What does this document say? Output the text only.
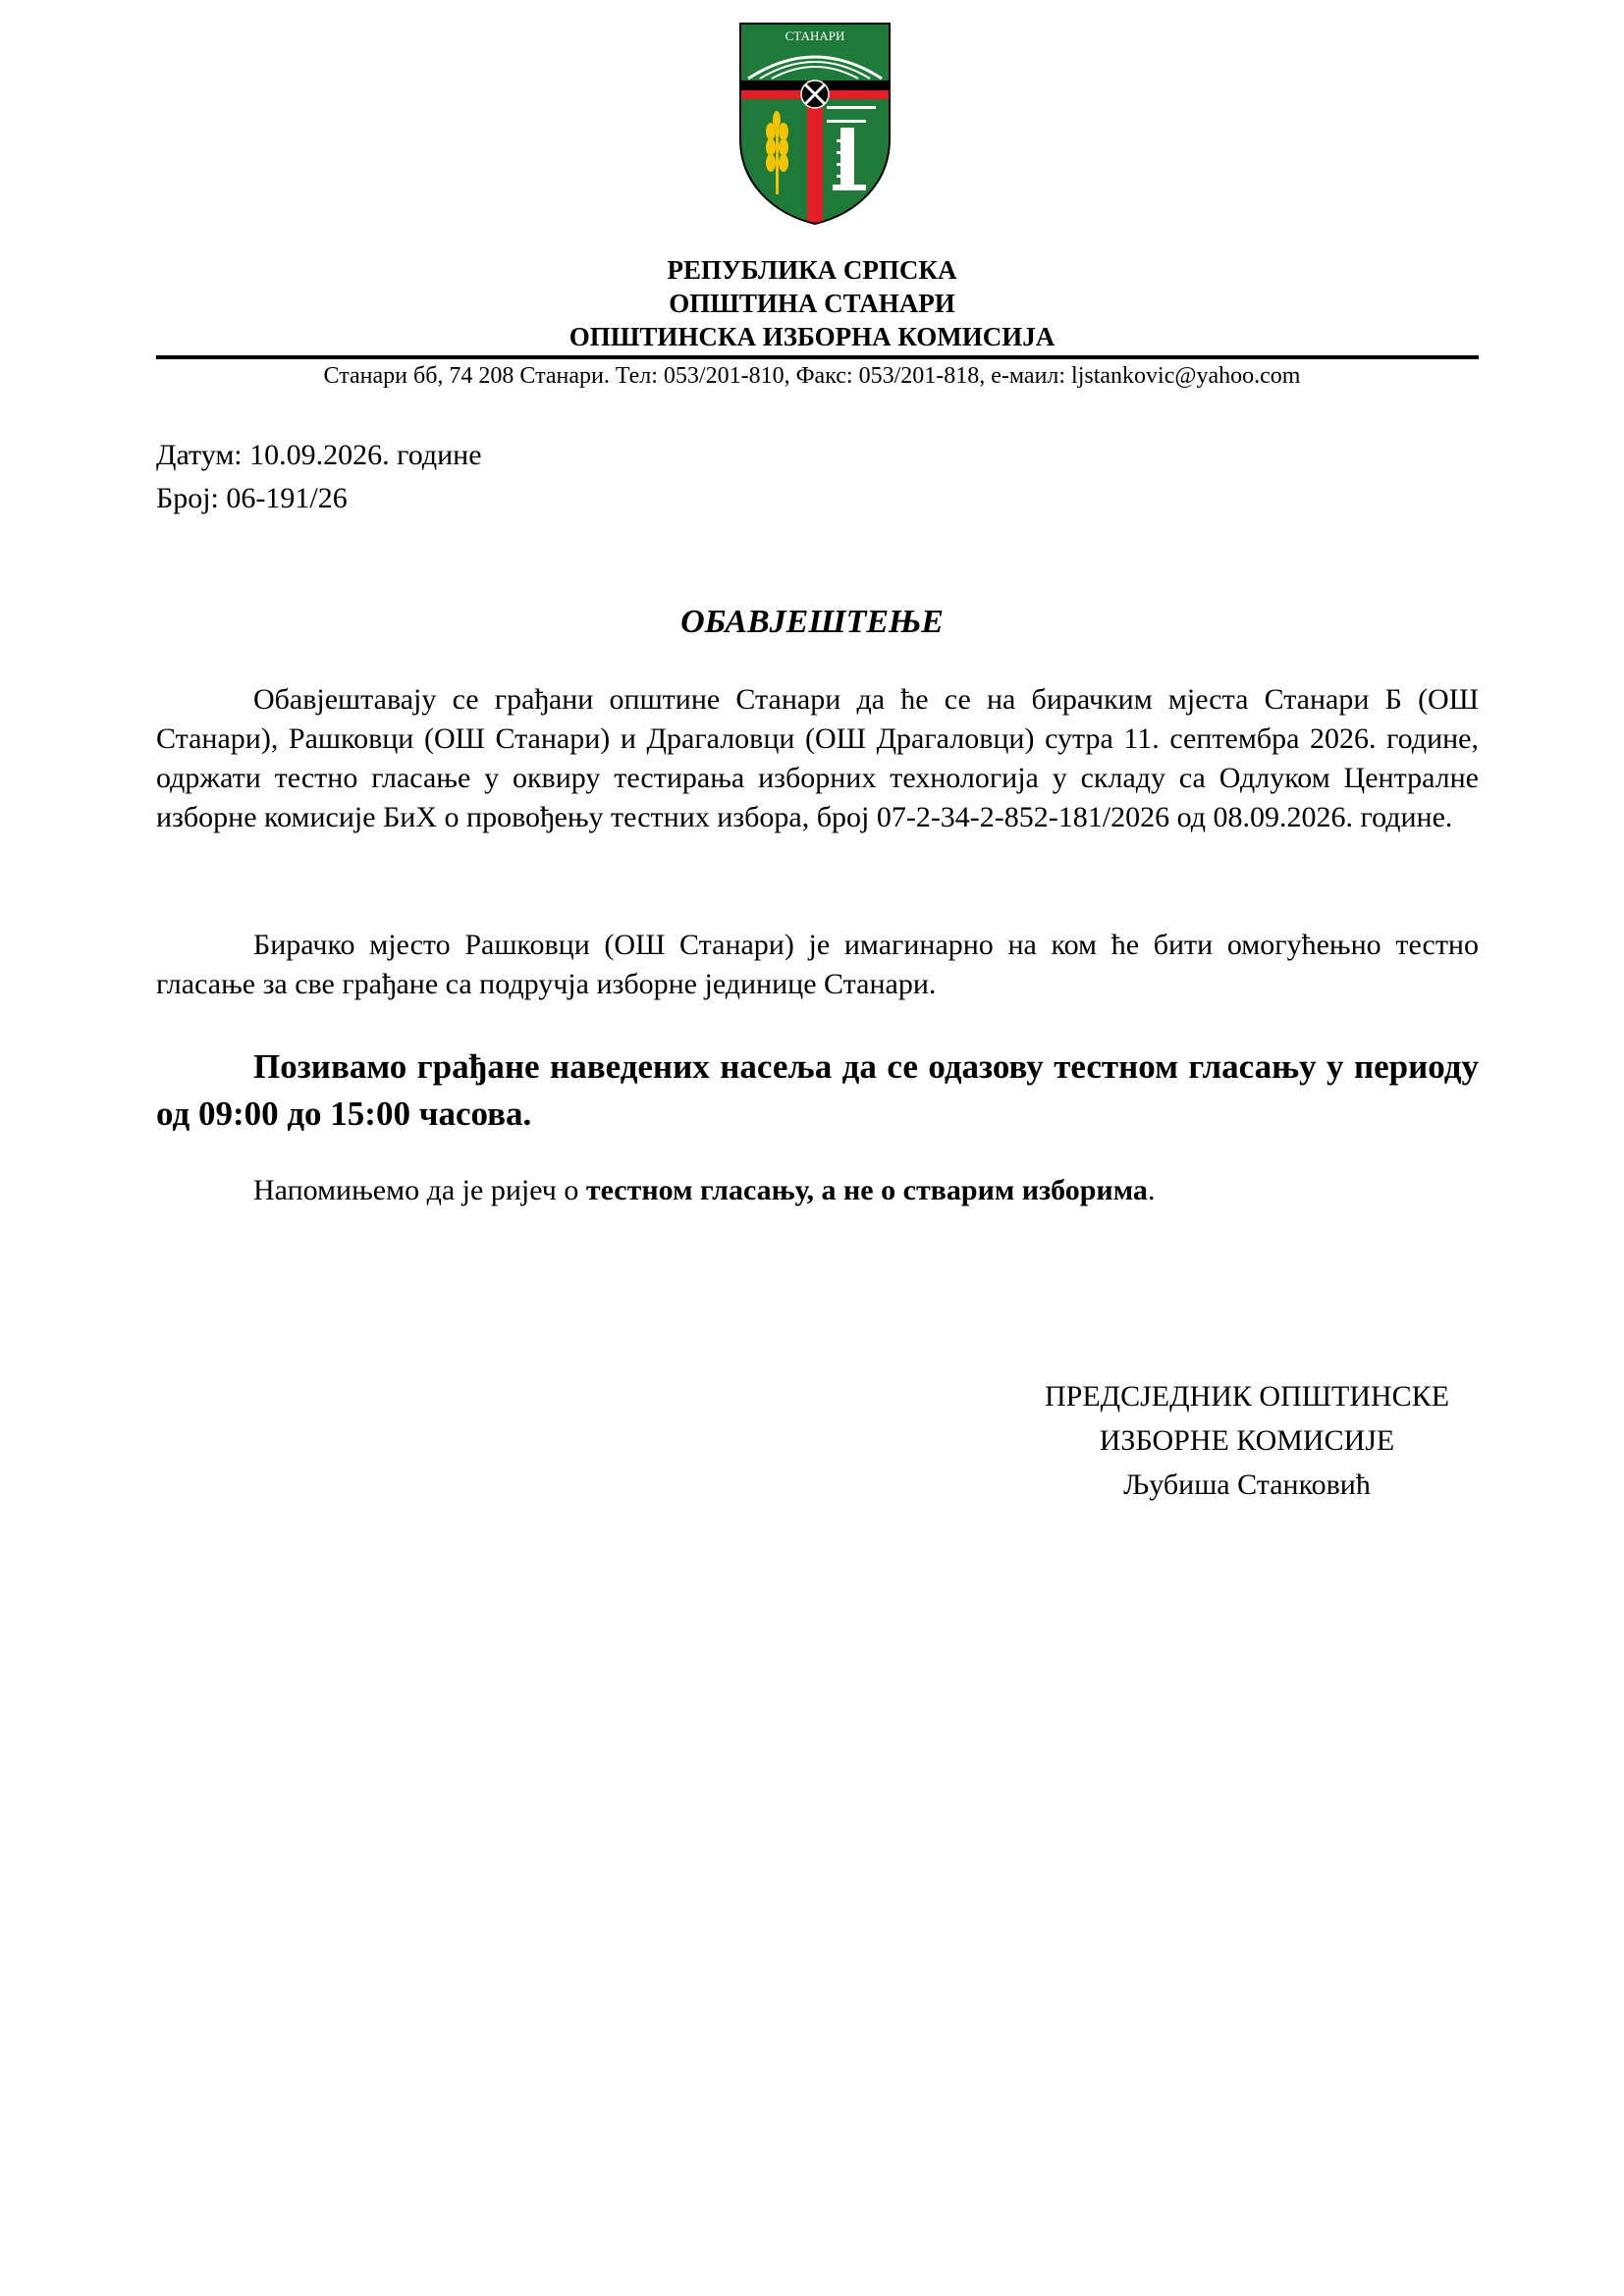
СТАНАРИ
РЕПУБЛИКА СРПСКА
ОПШТИНА СТАНАРИ
ОПШТИНСКА ИЗБОРНА КОМИСИЈА
Станари бб, 74 208 Станари. Тел: 053/201-810, Факс: 053/201-818, е-маил: ljstankovic@yahoo.com
Датум: 10.09.2026. године
Број: 06-191/26
ОБАВЈЕШТЕЊЕ

Обавјештавају се грађани општине Станари да ће се на бирачким мјеста Станари Б (ОШ Станари), Рашковци (ОШ Станари) и Драгаловци (ОШ Драгаловци) сутра 11. септембра 2026. године, одржати тестно гласање у оквиру тестирања изборних технологија у складу са Одлуком Централне изборне комисије БиХ о провођењу тестних избора, број 07-2-34-2-852-181/2026 од 08.09.2026. године.

Бирачко мјесто Рашковци (ОШ Станари) је имагинарно на ком ће бити омогућењно тестно гласање за све грађане са подручја изборне јединице Станари.

Позивамо грађане наведених насеља да се одазову тестном гласању у периоду од 09:00 до 15:00 часова.

Напомињемо да је ријеч о тестном гласању, а не о стварим изборима.

ПРЕДСЈЕДНИК ОПШТИНСКЕ
ИЗБОРНЕ КОМИСИЈЕ
Љубиша Станковић
